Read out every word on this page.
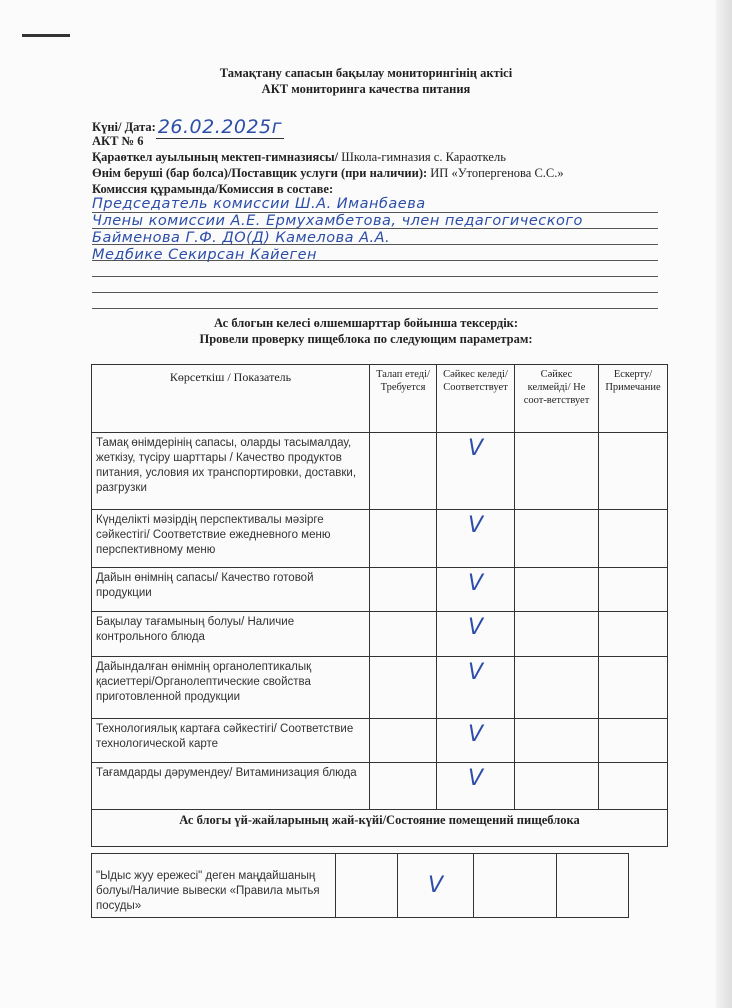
Тамақтану сапасын бақылау мониторингінің актісі
АКТ мониторинга качества питания
Күні/ Дата: 26.02.2025г
АКТ № 6
Қараөткел ауылының мектеп-гимназиясы/ Школа-гимназия с. Караоткель
Өнім беруші (бар болса)/Поставщик услуги (при наличии): ИП «Утопергенова С.С.»
Комиссия құрамында/Комиссия в составе:
Председатель комиссии Ш.А. Иманбаева
Члены комиссии А.Е. Ермухамбетова, член педагогического
Байменова Г.Ф. ДО(Д) Камелова А.А.
Медбике Секирсан Кайеген
Ас блогын келесі өлшемшарттар бойынша тексердік:
Провели проверку пищеблока по следующим параметрам:
Көрсеткіш / Показатель	Талап етеді/Требуется	Сәйкес келеді/Соответствует	Сәйкес келмейді/ Не соот-ветствует	Ескерту/ Примечание
Тамақ өнімдерінің сапасы, оларды тасымалдау, жеткізу, түсіру шарттары / Качество продуктов питания, условия их транспортировки, доставки, разгрузки		V		
Күнделікті мәзірдің перспективалы мәзірге сәйкестігі/ Соответствие ежедневного меню перспективному меню		V		
Дайын өнімнің сапасы/ Качество готовой продукции		V		
Бақылау тағамының болуы/ Наличие контрольного блюда		V		
Дайындалған өнімнің органолептикалық қасиеттері/Органолептические свойства приготовленной продукции		V		
Технологиялық картаға сәйкестігі/ Соответствие технологической карте		V		
Тағамдарды дәрумендеу/ Витаминизация блюда		V		
Ас блогы үй-жайларының жай-күйі/Состояние помещений пищеблока				
"Ыдыс жуу ережесі" деген маңдайшаның болуы/Наличие вывески «Правила мытья посуды»		V		
